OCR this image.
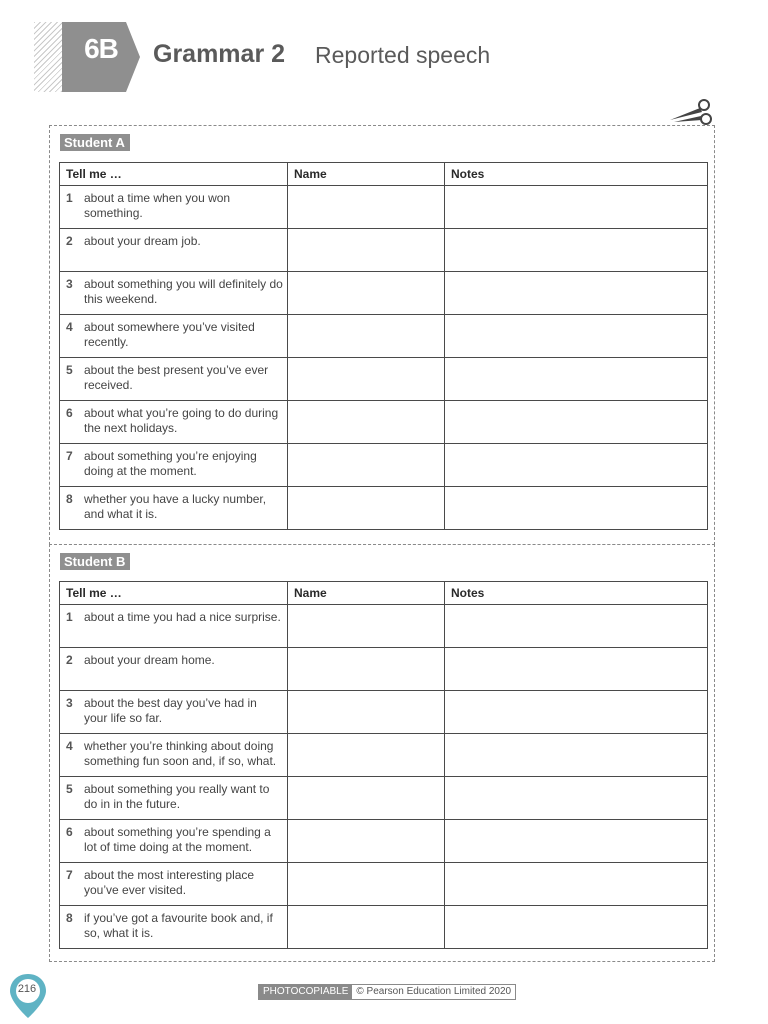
6B	Grammar 2 Reported speech
Student A
Tell me …	Name	Notes

1 about a time when you won something.		

2 about your dream job.		

3 about something you will definitely do this weekend.		

4 about somewhere you’ve visited recently.		

5 about the best present you’ve ever received.		

6 about what you’re going to do during the next holidays.		

7 about something you’re enjoying doing at the moment.		

8 whether you have a lucky number, and what it is.		

Student B
Tell me …	Name	Notes

1 about a time you had a nice surprise.		

2 about your dream home.		

3 about the best day you’ve had in your life so far.		

4 whether you’re thinking about doing something fun soon and, if so, what.		

5 about something you really want to do in in the future.		

6 about something you’re spending a lot of time doing at the moment.		

7 about the most interesting place you’ve ever visited.		

8 if you’ve got a favourite book and, if so, what it is.		

216	PHOTOCOPIABLE © Pearson Education Limited 2020
